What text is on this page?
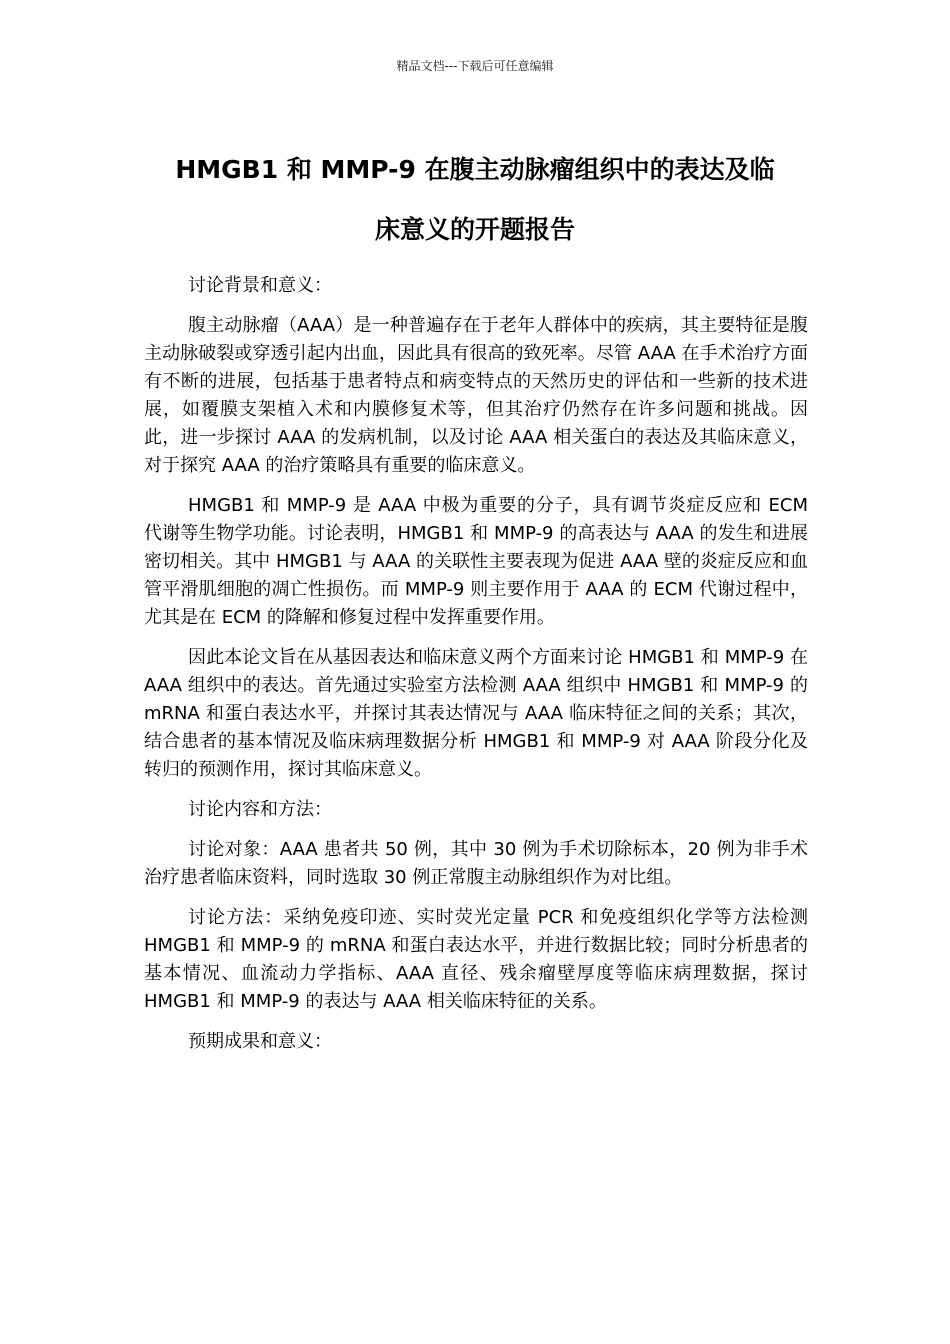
精品文档---下载后可任意编辑
HMGB1 和 MMP-9 在腹主动脉瘤组织中的表达及临
床意义的开题报告

讨论背景和意义：

腹主动脉瘤（AAA）是一种普遍存在于老年人群体中的疾病，其主要特征是腹主动脉破裂或穿透引起内出血，因此具有很高的致死率。尽管 AAA 在手术治疗方面有不断的进展，包括基于患者特点和病变特点的天然历史的评估和一些新的技术进展，如覆膜支架植入术和内膜修复术等，但其治疗仍然存在许多问题和挑战。因此，进一步探讨 AAA 的发病机制，以及讨论 AAA 相关蛋白的表达及其临床意义，对于探究 AAA 的治疗策略具有重要的临床意义。

HMGB1 和 MMP-9 是 AAA 中极为重要的分子，具有调节炎症反应和 ECM 代谢等生物学功能。讨论表明，HMGB1 和 MMP-9 的高表达与 AAA 的发生和进展密切相关。其中 HMGB1 与 AAA 的关联性主要表现为促进 AAA 壁的炎症反应和血管平滑肌细胞的凋亡性损伤。而 MMP-9 则主要作用于 AAA 的 ECM 代谢过程中，尤其是在 ECM 的降解和修复过程中发挥重要作用。

因此本论文旨在从基因表达和临床意义两个方面来讨论 HMGB1 和 MMP-9 在 AAA 组织中的表达。首先通过实验室方法检测 AAA 组织中 HMGB1 和 MMP-9 的 mRNA 和蛋白表达水平，并探讨其表达情况与 AAA 临床特征之间的关系；其次，结合患者的基本情况及临床病理数据分析 HMGB1 和 MMP-9 对 AAA 阶段分化及转归的预测作用，探讨其临床意义。

讨论内容和方法：

讨论对象：AAA 患者共 50 例，其中 30 例为手术切除标本，20 例为非手术治疗患者临床资料，同时选取 30 例正常腹主动脉组织作为对比组。

讨论方法：采纳免疫印迹、实时荧光定量 PCR 和免疫组织化学等方法检测 HMGB1 和 MMP-9 的 mRNA 和蛋白表达水平，并进行数据比较；同时分析患者的基本情况、血流动力学指标、AAA 直径、残余瘤壁厚度等临床病理数据，探讨 HMGB1 和 MMP-9 的表达与 AAA 相关临床特征的关系。

预期成果和意义：
